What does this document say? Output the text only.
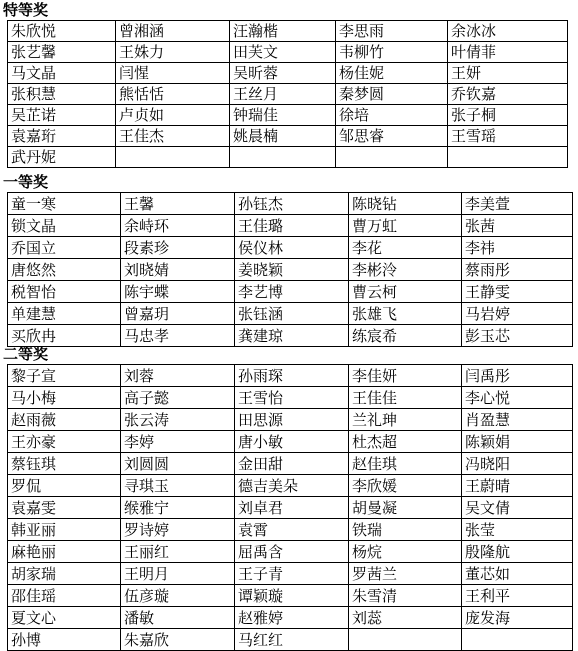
特等奖
朱欣悦	曾湘涵	汪瀚楷	李思雨	余冰冰
张艺馨	王姝力	田芙文	韦柳竹	叶倩菲
马文晶	闫惺	吴昕蓉	杨佳妮	王妍
张积慧	熊恬恬	王丝月	秦梦圆	乔钦嘉
吴芷诺	卢贞如	钟瑞佳	徐培	张子桐
袁嘉珩	王佳杰	姚晨楠	邹思睿	王雪瑶
武丹妮				
一等奖
童一寒	王馨	孙钰杰	陈晓钻	李美萱
锁文晶	余峙环	王佳璐	曹万虹	张茜
乔国立	段素珍	侯仪林	李花	李祎
唐悠然	刘晓婧	姜晓颖	李彬泠	蔡雨彤
税智怡	陈宇蝶	李艺博	曹云柯	王静雯
单建慧	曾嘉玥	张钰涵	张雄飞	马岩婷
买欣冉	马忠孝	龚建琼	练宸希	彭玉芯
二等奖
黎子宣	刘蓉	孙雨琛	李佳妍	闫禹彤
马小梅	高子懿	王雪怡	王佳佳	李心悦
赵雨薇	张云涛	田思源	兰礼珅	肖盈慧
王亦豪	李婷	唐小敏	杜杰超	陈颖娟
蔡钰琪	刘圆圆	金田甜	赵佳琪	冯晓阳
罗侃	寻琪玉	德吉美朵	李欣媛	王蔚晴
袁嘉雯	缑雅宁	刘卓君	胡曼凝	吴文倩
韩亚丽	罗诗婷	袁霄	铁瑞	张莹
麻艳丽	王丽红	屈禹含	杨烷	殷隆航
胡家瑞	王明月	王子青	罗茜兰	董芯如
邵佳瑶	伍彦璇	谭颖璇	朱雪清	王利平
夏文心	潘敏	赵雅婷	刘蕊	庞发海
孙博	朱嘉欣	马红红		
